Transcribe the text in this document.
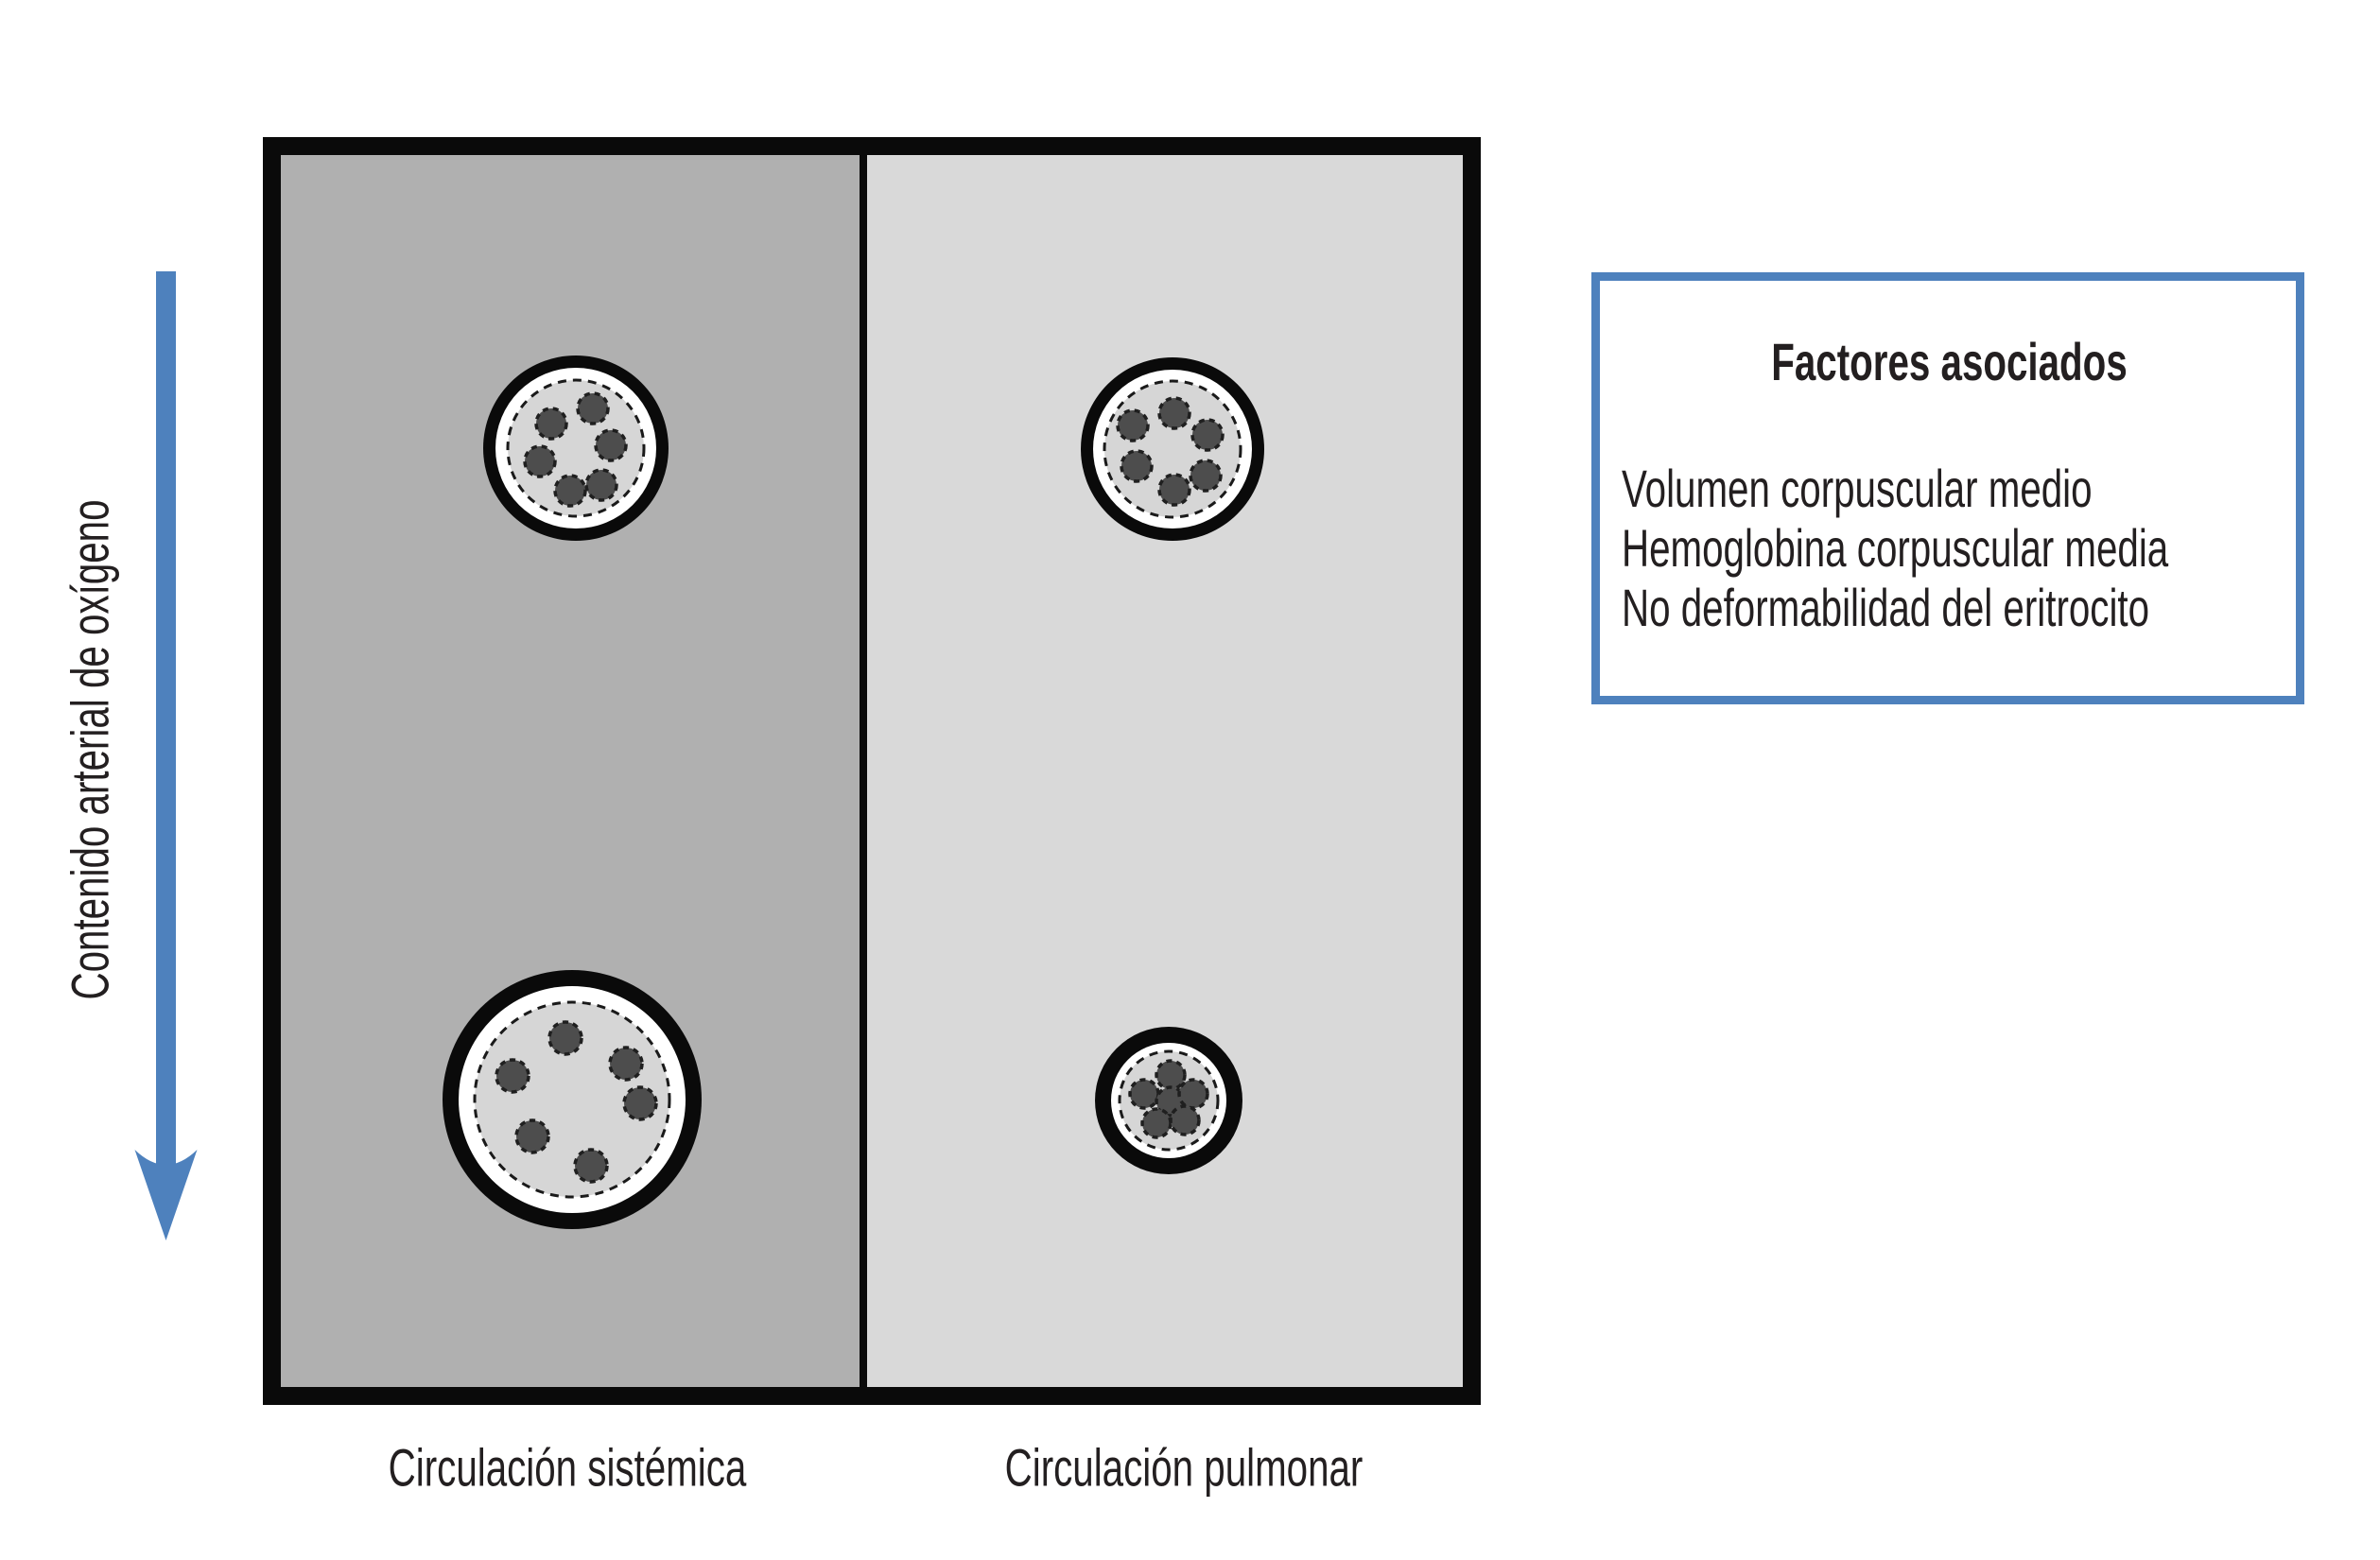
Contenido arterial de oxígeno
Circulación sistémica	Circulación pulmonar
Factores asociados
Volumen corpuscular medio
Hemoglobina corpuscular media
No deformabilidad del eritrocito
